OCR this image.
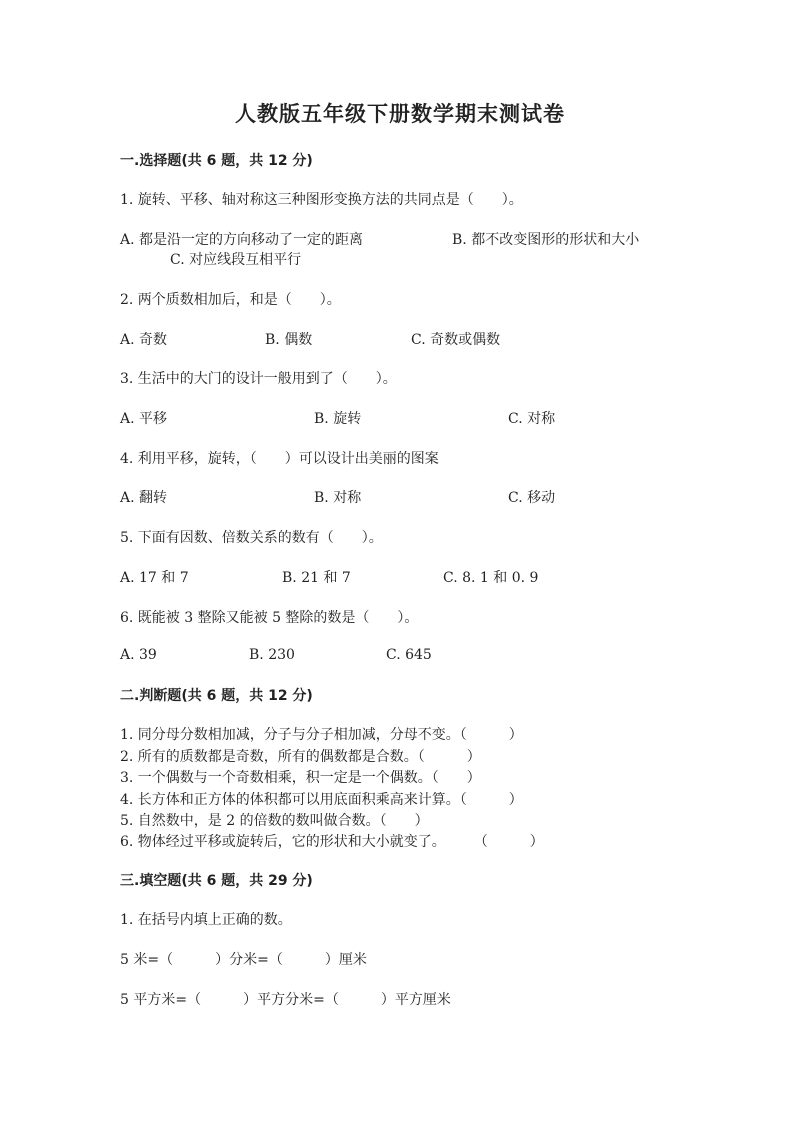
人教版五年级下册数学期末测试卷

一.选择题(共 6 题，共 12 分)

1. 旋转、平移、轴对称这三种图形变换方法的共同点是（　　）。

A. 都是沿一定的方向移动了一定的距离	B. 都不改变图形的形状和大小
C. 对应线段互相平行

2. 两个质数相加后，和是（　　）。

A. 奇数	B. 偶数	C. 奇数或偶数

3. 生活中的大门的设计一般用到了（　　）。

A. 平移	B. 旋转	C. 对称

4. 利用平移，旋转，（　　）可以设计出美丽的图案

A. 翻转	B. 对称	C. 移动

5. 下面有因数、倍数关系的数有（　　）。

A. 17 和 7	B. 21 和 7	C. 8. 1 和 0. 9

6. 既能被 3 整除又能被 5 整除的数是（　　）。

A. 39	B. 230	C. 645

二.判断题(共 6 题，共 12 分)

1. 同分母分数相加减，分子与分子相加减，分母不变。（　　　）

2. 所有的质数都是奇数，所有的偶数都是合数。（　　　）

3. 一个偶数与一个奇数相乘，积一定是一个偶数。（　　）

4. 长方体和正方体的体积都可以用底面积乘高来计算。（　　　）

5. 自然数中，是 2 的倍数的数叫做合数。（　　）

6. 物体经过平移或旋转后，它的形状和大小就变了。　　　（　　　）

三.填空题(共 6 题，共 29 分)

1. 在括号内填上正确的数。

5 米=（　　　）分米=（　　　）厘米

5 平方米=（　　　）平方分米=（　　　）平方厘米
